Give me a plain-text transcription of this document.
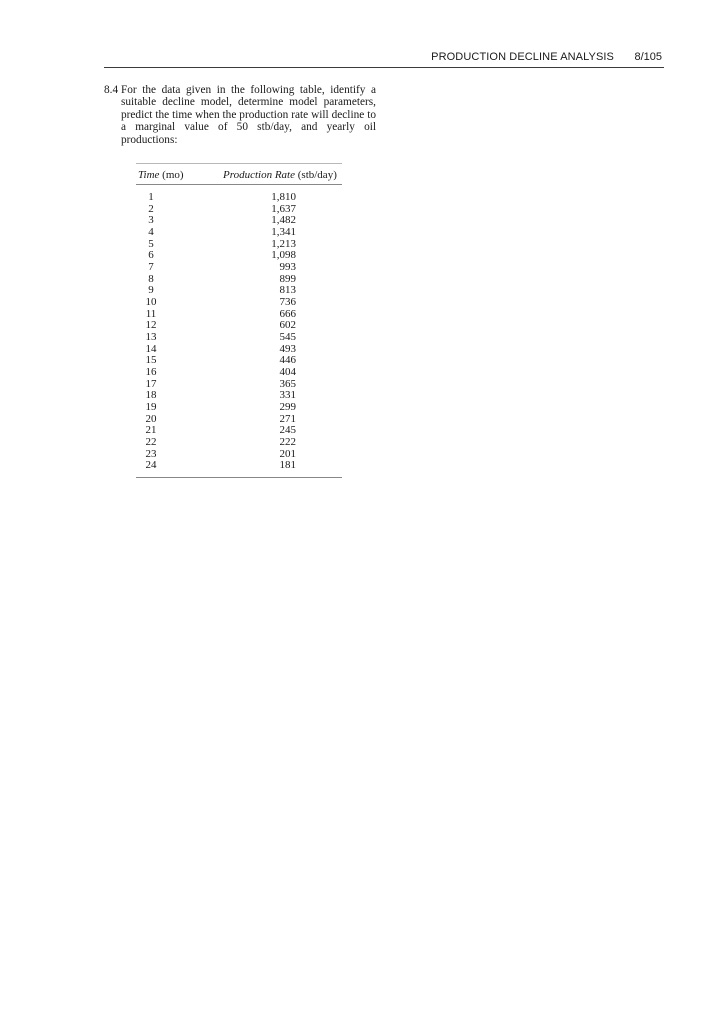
PRODUCTION DECLINE ANALYSIS 8/105
8.4 For the data given in the following table, identify a suitable decline model, determine model parameters, predict the time when the production rate will decline to a marginal value of 50 stb/day, and yearly oil productions:
Time (mo)	Production Rate (stb/day)
1	1,810
2	1,637
3	1,482
4	1,341
5	1,213
6	1,098
7	993
8	899
9	813
10	736
11	666
12	602
13	545
14	493
15	446
16	404
17	365
18	331
19	299
20	271
21	245
22	222
23	201
24	181
